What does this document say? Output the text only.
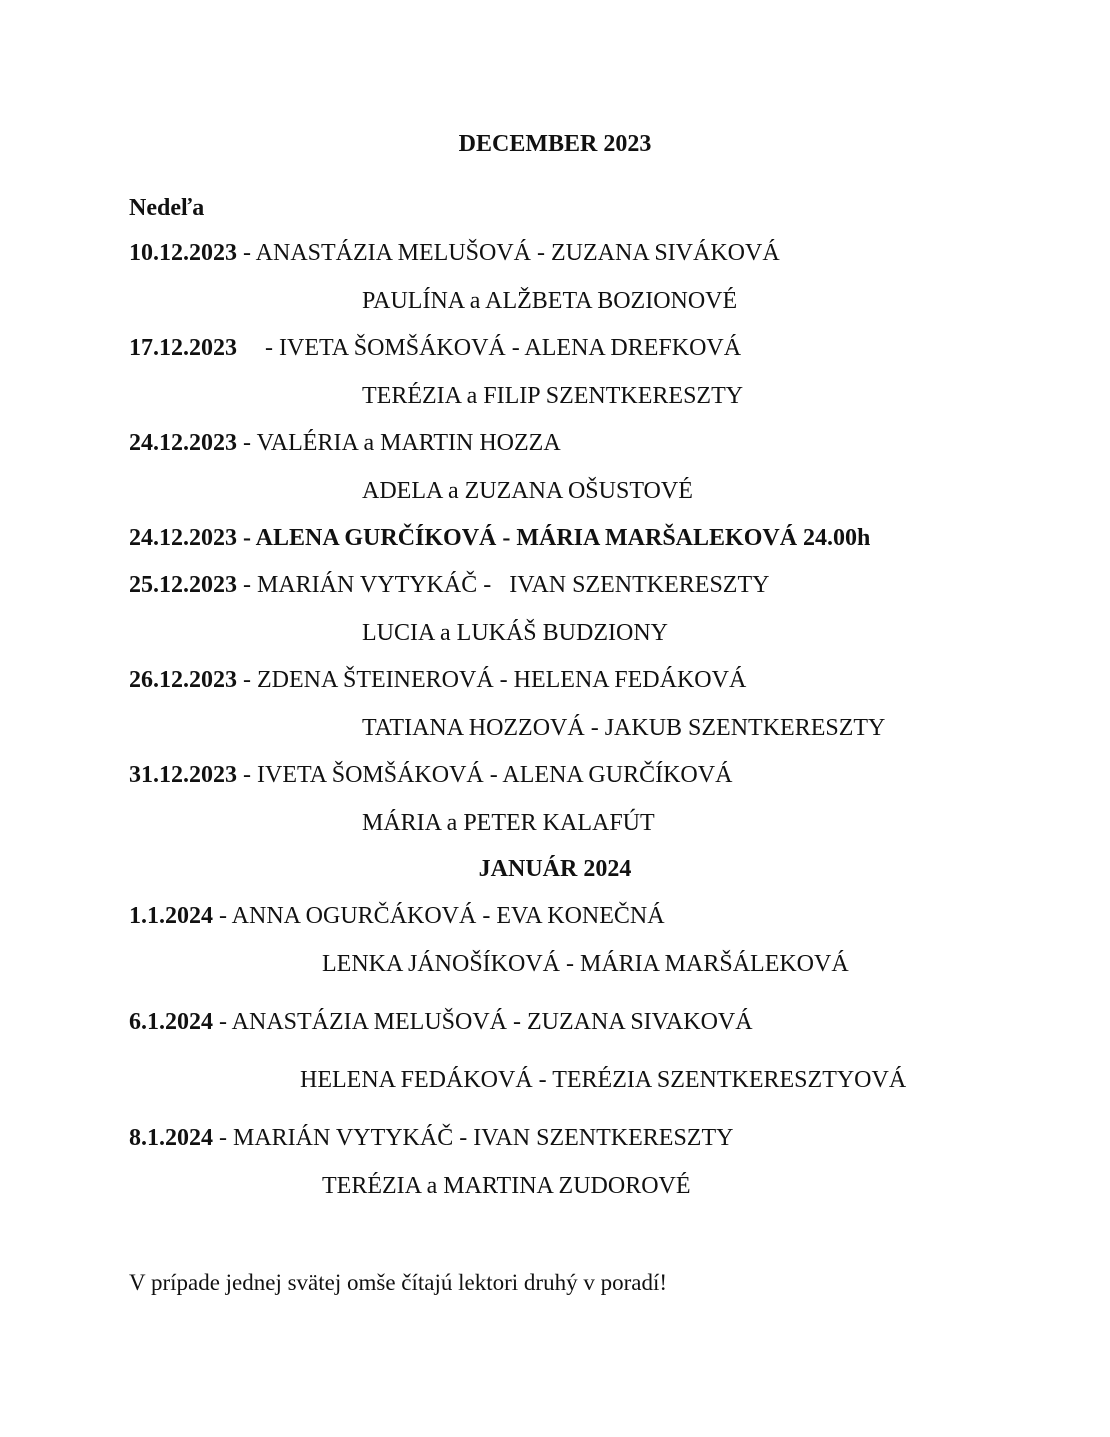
DECEMBER 2023
Nedeľa
10.12.2023 - ANASTÁZIA MELUŠOVÁ - ZUZANA SIVÁKOVÁ
PAULÍNA a ALŽBETA BOZIONOVÉ
17.12.2023 - IVETA ŠOMŠÁKOVÁ - ALENA DREFKOVÁ
TERÉZIA a FILIP SZENTKERESZTY
24.12.2023 - VALÉRIA a MARTIN HOZZA
ADELA a ZUZANA OŠUSTOVÉ
24.12.2023 - ALENA GURČÍKOVÁ - MÁRIA MARŠALEKOVÁ 24.00h
25.12.2023 - MARIÁN VYTYKÁČ -   IVAN SZENTKERESZTY
LUCIA a LUKÁŠ BUDZIONY
26.12.2023 - ZDENA ŠTEINEROVÁ - HELENA FEDÁKOVÁ
TATIANA HOZZOVÁ - JAKUB SZENTKERESZTY
31.12.2023 - IVETA ŠOMŠÁKOVÁ - ALENA GURČÍKOVÁ
MÁRIA a PETER KALAFÚT
JANUÁR 2024
1.1.2024 - ANNA OGURČÁKOVÁ - EVA KONEČNÁ
LENKA JÁNOŠÍKOVÁ - MÁRIA MARŠÁLEKOVÁ
6.1.2024 - ANASTÁZIA MELUŠOVÁ - ZUZANA SIVAKOVÁ
HELENA FEDÁKOVÁ - TERÉZIA SZENTKERESZTYOVÁ
8.1.2024 - MARIÁN VYTYKÁČ - IVAN SZENTKERESZTY
TERÉZIA a MARTINA ZUDOROVÉ
V prípade jednej svätej omše čítajú lektori druhý v poradí!
